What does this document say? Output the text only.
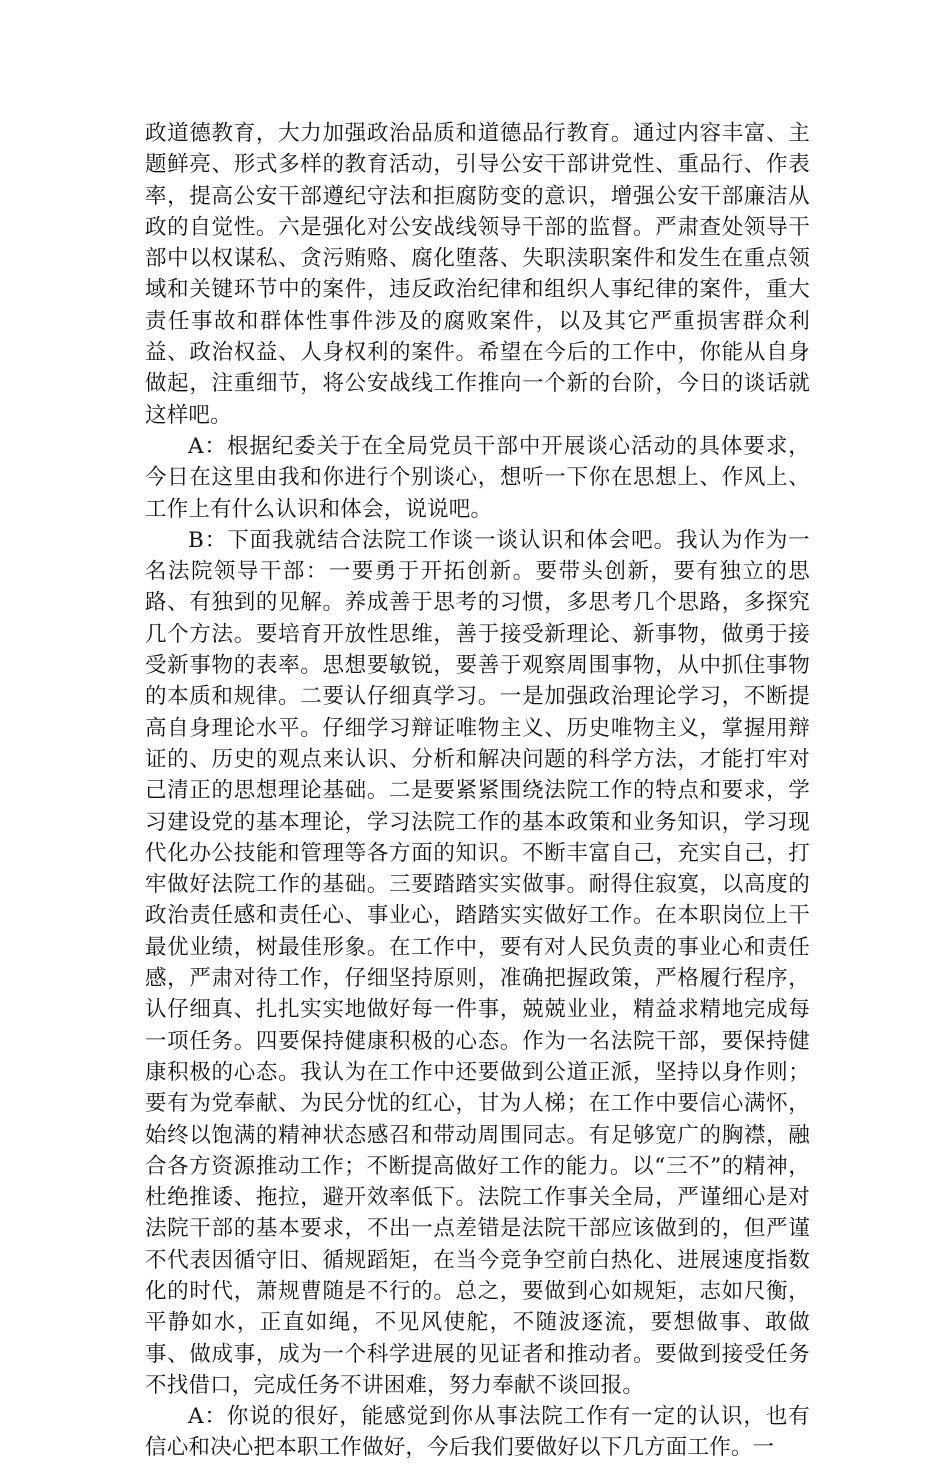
政道德教育，大力加强政治品质和道德品行教育。通过内容丰富、主题鲜亮、形式多样的教育活动，引导公安干部讲党性、重品行、作表率，提高公安干部遵纪守法和拒腐防变的意识，增强公安干部廉洁从政的自觉性。六是强化对公安战线领导干部的监督。严肃查处领导干部中以权谋私、贪污贿赂、腐化堕落、失职渎职案件和发生在重点领域和关键环节中的案件，违反政治纪律和组织人事纪律的案件，重大责任事故和群体性事件涉及的腐败案件，以及其它严重损害群众利益、政治权益、人身权利的案件。希望在今后的工作中，你能从自身做起，注重细节，将公安战线工作推向一个新的台阶，今日的谈话就这样吧。

A：根据纪委关于在全局党员干部中开展谈心活动的具体要求，今日在这里由我和你进行个别谈心，想听一下你在思想上、作风上、工作上有什么认识和体会，说说吧。

B：下面我就结合法院工作谈一谈认识和体会吧。我认为作为一名法院领导干部：一要勇于开拓创新。要带头创新，要有独立的思路、有独到的见解。养成善于思考的习惯，多思考几个思路，多探究几个方法。要培育开放性思维，善于接受新理论、新事物，做勇于接受新事物的表率。思想要敏锐，要善于观察周围事物，从中抓住事物的本质和规律。二要认仔细真学习。一是加强政治理论学习，不断提高自身理论水平。仔细学习辩证唯物主义、历史唯物主义，掌握用辩证的、历史的观点来认识、分析和解决问题的科学方法，才能打牢对己清正的思想理论基础。二是要紧紧围绕法院工作的特点和要求，学习建设党的基本理论，学习法院工作的基本政策和业务知识，学习现代化办公技能和管理等各方面的知识。不断丰富自己，充实自己，打牢做好法院工作的基础。三要踏踏实实做事。耐得住寂寞，以高度的政治责任感和责任心、事业心，踏踏实实做好工作。在本职岗位上干最优业绩，树最佳形象。在工作中，要有对人民负责的事业心和责任感，严肃对待工作，仔细坚持原则，准确把握政策，严格履行程序，认仔细真、扎扎实实地做好每一件事，兢兢业业，精益求精地完成每一项任务。四要保持健康积极的心态。作为一名法院干部，要保持健康积极的心态。我认为在工作中还要做到公道正派，坚持以身作则；要有为党奉献、为民分忧的红心，甘为人梯；在工作中要信心满怀，始终以饱满的精神状态感召和带动周围同志。有足够宽广的胸襟，融合各方资源推动工作；不断提高做好工作的能力。以“三不”的精神，杜绝推诿、拖拉，避开效率低下。法院工作事关全局，严谨细心是对法院干部的基本要求，不出一点差错是法院干部应该做到的，但严谨不代表因循守旧、循规蹈矩，在当今竞争空前白热化、进展速度指数化的时代，萧规曹随是不行的。总之，要做到心如规矩，志如尺衡，平静如水，正直如绳，不见风使舵，不随波逐流，要想做事、敢做事、做成事，成为一个科学进展的见证者和推动者。要做到接受任务不找借口，完成任务不讲困难，努力奉献不谈回报。

A：你说的很好，能感觉到你从事法院工作有一定的认识，也有信心和决心把本职工作做好，今后我们要做好以下几方面工作。一
